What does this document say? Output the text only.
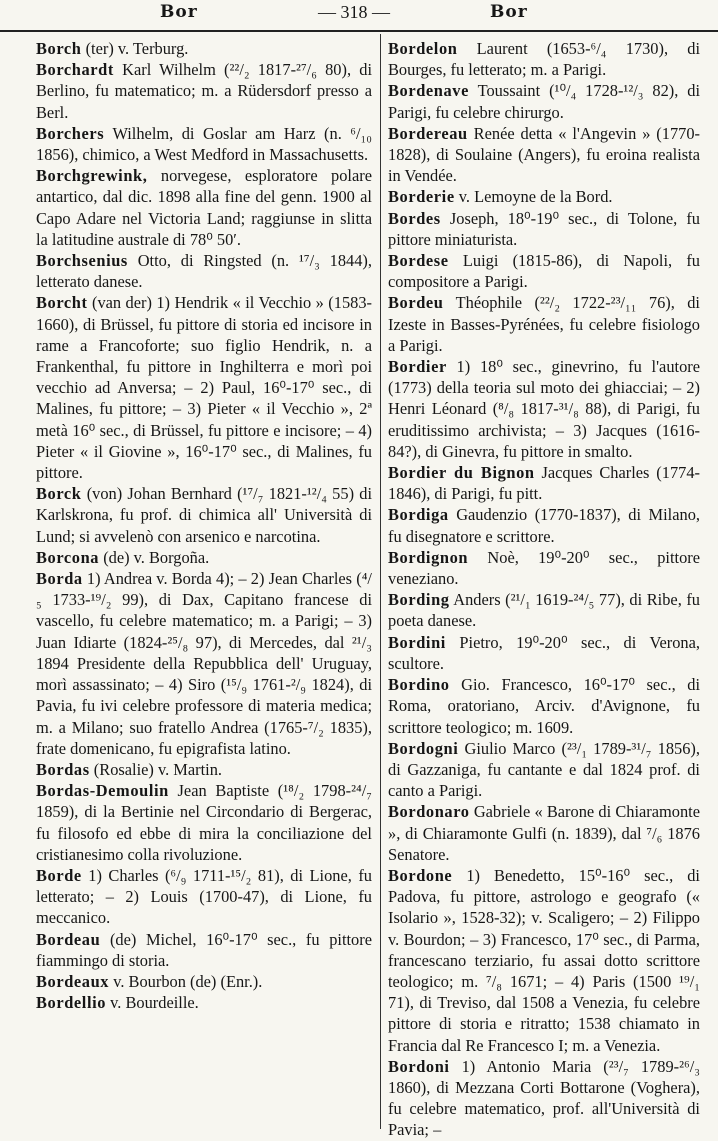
Bor	— 318 —	Bor

Borch (ter) v. Terburg.

Borchardt Karl Wilhelm (²²/₂ 1817-²⁷/₆ 80), di Berlino, fu matematico; m. a Rüdersdorf presso a Berl.

Borchers Wilhelm, di Goslar am Harz (n. ⁶/₁₀ 1856), chimico, a West Medford in Massachusetts.

Borchgrewink, norvegese, esploratore polare antartico, dal dic. 1898 alla fine del genn. 1900 al Capo Adare nel Victoria Land; raggiunse in slitta la latitudine australe di 78⁰ 50′.

Borchsenius Otto, di Ringsted (n. ¹⁷/₃ 1844), letterato danese.

Borcht (van der) 1) Hendrik « il Vecchio » (1583-1660), di Brüssel, fu pittore di storia ed incisore in rame a Francoforte; suo figlio Hendrik, n. a Frankenthal, fu pittore in Inghilterra e morì poi vecchio ad Anversa; – 2) Paul, 16⁰-17⁰ sec., di Malines, fu pittore; – 3) Pieter « il Vecchio », 2ª metà 16⁰ sec., di Brüssel, fu pittore e incisore; – 4) Pieter « il Giovine », 16⁰-17⁰ sec., di Malines, fu pittore.

Borck (von) Johan Bernhard (¹⁷/₇ 1821-¹²/₄ 55) di Karlskrona, fu prof. di chimica all' Università di Lund; si avvelenò con arsenico e narcotina.

Borcona (de) v. Borgoña.

Borda 1) Andrea v. Borda 4); – 2) Jean Charles (⁴/₅ 1733-¹⁹/₂ 99), di Dax, Capitano francese di vascello, fu celebre matematico; m. a Parigi; – 3) Juan Idiarte (1824-²⁵/₈ 97), di Mercedes, dal ²¹/₃ 1894 Presidente della Repubblica dell' Uruguay, morì assassinato; – 4) Siro (¹⁵/₉ 1761-²/₉ 1824), di Pavia, fu ivi celebre professore di materia medica; m. a Milano; suo fratello Andrea (1765-⁷/₂ 1835), frate domenicano, fu epigrafista latino.

Bordas (Rosalie) v. Martin.

Bordas-Demoulin Jean Baptiste (¹⁸/₂ 1798-²⁴/₇ 1859), di la Bertinie nel Circondario di Bergerac, fu filosofo ed ebbe di mira la conciliazione del cristianesimo colla rivoluzione.

Borde 1) Charles (⁶/₉ 1711-¹⁵/₂ 81), di Lione, fu letterato; – 2) Louis (1700-47), di Lione, fu meccanico.

Bordeau (de) Michel, 16⁰-17⁰ sec., fu pittore fiammingo di storia.

Bordeaux v. Bourbon (de) (Enr.).

Bordellio v. Bourdeille.

Bordelon Laurent (1653-⁶/₄ 1730), di Bourges, fu letterato; m. a Parigi.

Bordenave Toussaint (¹⁰/₄ 1728-¹²/₃ 82), di Parigi, fu celebre chirurgo.

Bordereau Renée detta « l'Angevin » (1770-1828), di Soulaine (Angers), fu eroina realista in Vendée.

Borderie v. Lemoyne de la Bord.

Bordes Joseph, 18⁰-19⁰ sec., di Tolone, fu pittore miniaturista.

Bordese Luigi (1815-86), di Napoli, fu compositore a Parigi.

Bordeu Théophile (²²/₂ 1722-²³/₁₁ 76), di Izeste in Basses-Pyrénées, fu celebre fisiologo a Parigi.

Bordier 1) 18⁰ sec., ginevrino, fu l'autore (1773) della teoria sul moto dei ghiacciai; – 2) Henri Léonard (⁸/₈ 1817-³¹/₈ 88), di Parigi, fu eruditissimo archivista; – 3) Jacques (1616-84?), di Ginevra, fu pittore in smalto.

Bordier du Bignon Jacques Charles (1774-1846), di Parigi, fu pitt.

Bordiga Gaudenzio (1770-1837), di Milano, fu disegnatore e scrittore.

Bordignon Noè, 19⁰-20⁰ sec., pittore veneziano.

Bording Anders (²¹/₁ 1619-²⁴/₅ 77), di Ribe, fu poeta danese.

Bordini Pietro, 19⁰-20⁰ sec., di Verona, scultore.

Bordino Gio. Francesco, 16⁰-17⁰ sec., di Roma, oratoriano, Arciv. d'Avignone, fu scrittore teologico; m. 1609.

Bordogni Giulio Marco (²³/₁ 1789-³¹/₇ 1856), di Gazzaniga, fu cantante e dal 1824 prof. di canto a Parigi.

Bordonaro Gabriele « Barone di Chiaramonte », di Chiaramonte Gulfi (n. 1839), dal ⁷/₆ 1876 Senatore.

Bordone 1) Benedetto, 15⁰-16⁰ sec., di Padova, fu pittore, astrologo e geografo (« Isolario », 1528-32); v. Scaligero; – 2) Filippo v. Bourdon; – 3) Francesco, 17⁰ sec., di Parma, francescano terziario, fu assai dotto scrittore teologico; m. ⁷/₈ 1671; – 4) Paris (1500 ¹⁹/₁ 71), di Treviso, dal 1508 a Venezia, fu celebre pittore di storia e ritratto; 1538 chiamato in Francia dal Re Francesco I; m. a Venezia.

Bordoni 1) Antonio Maria (²³/₇ 1789-²⁶/₃ 1860), di Mezzana Corti Bottarone (Voghera), fu celebre matematico, prof. all'Università di Pavia; –
